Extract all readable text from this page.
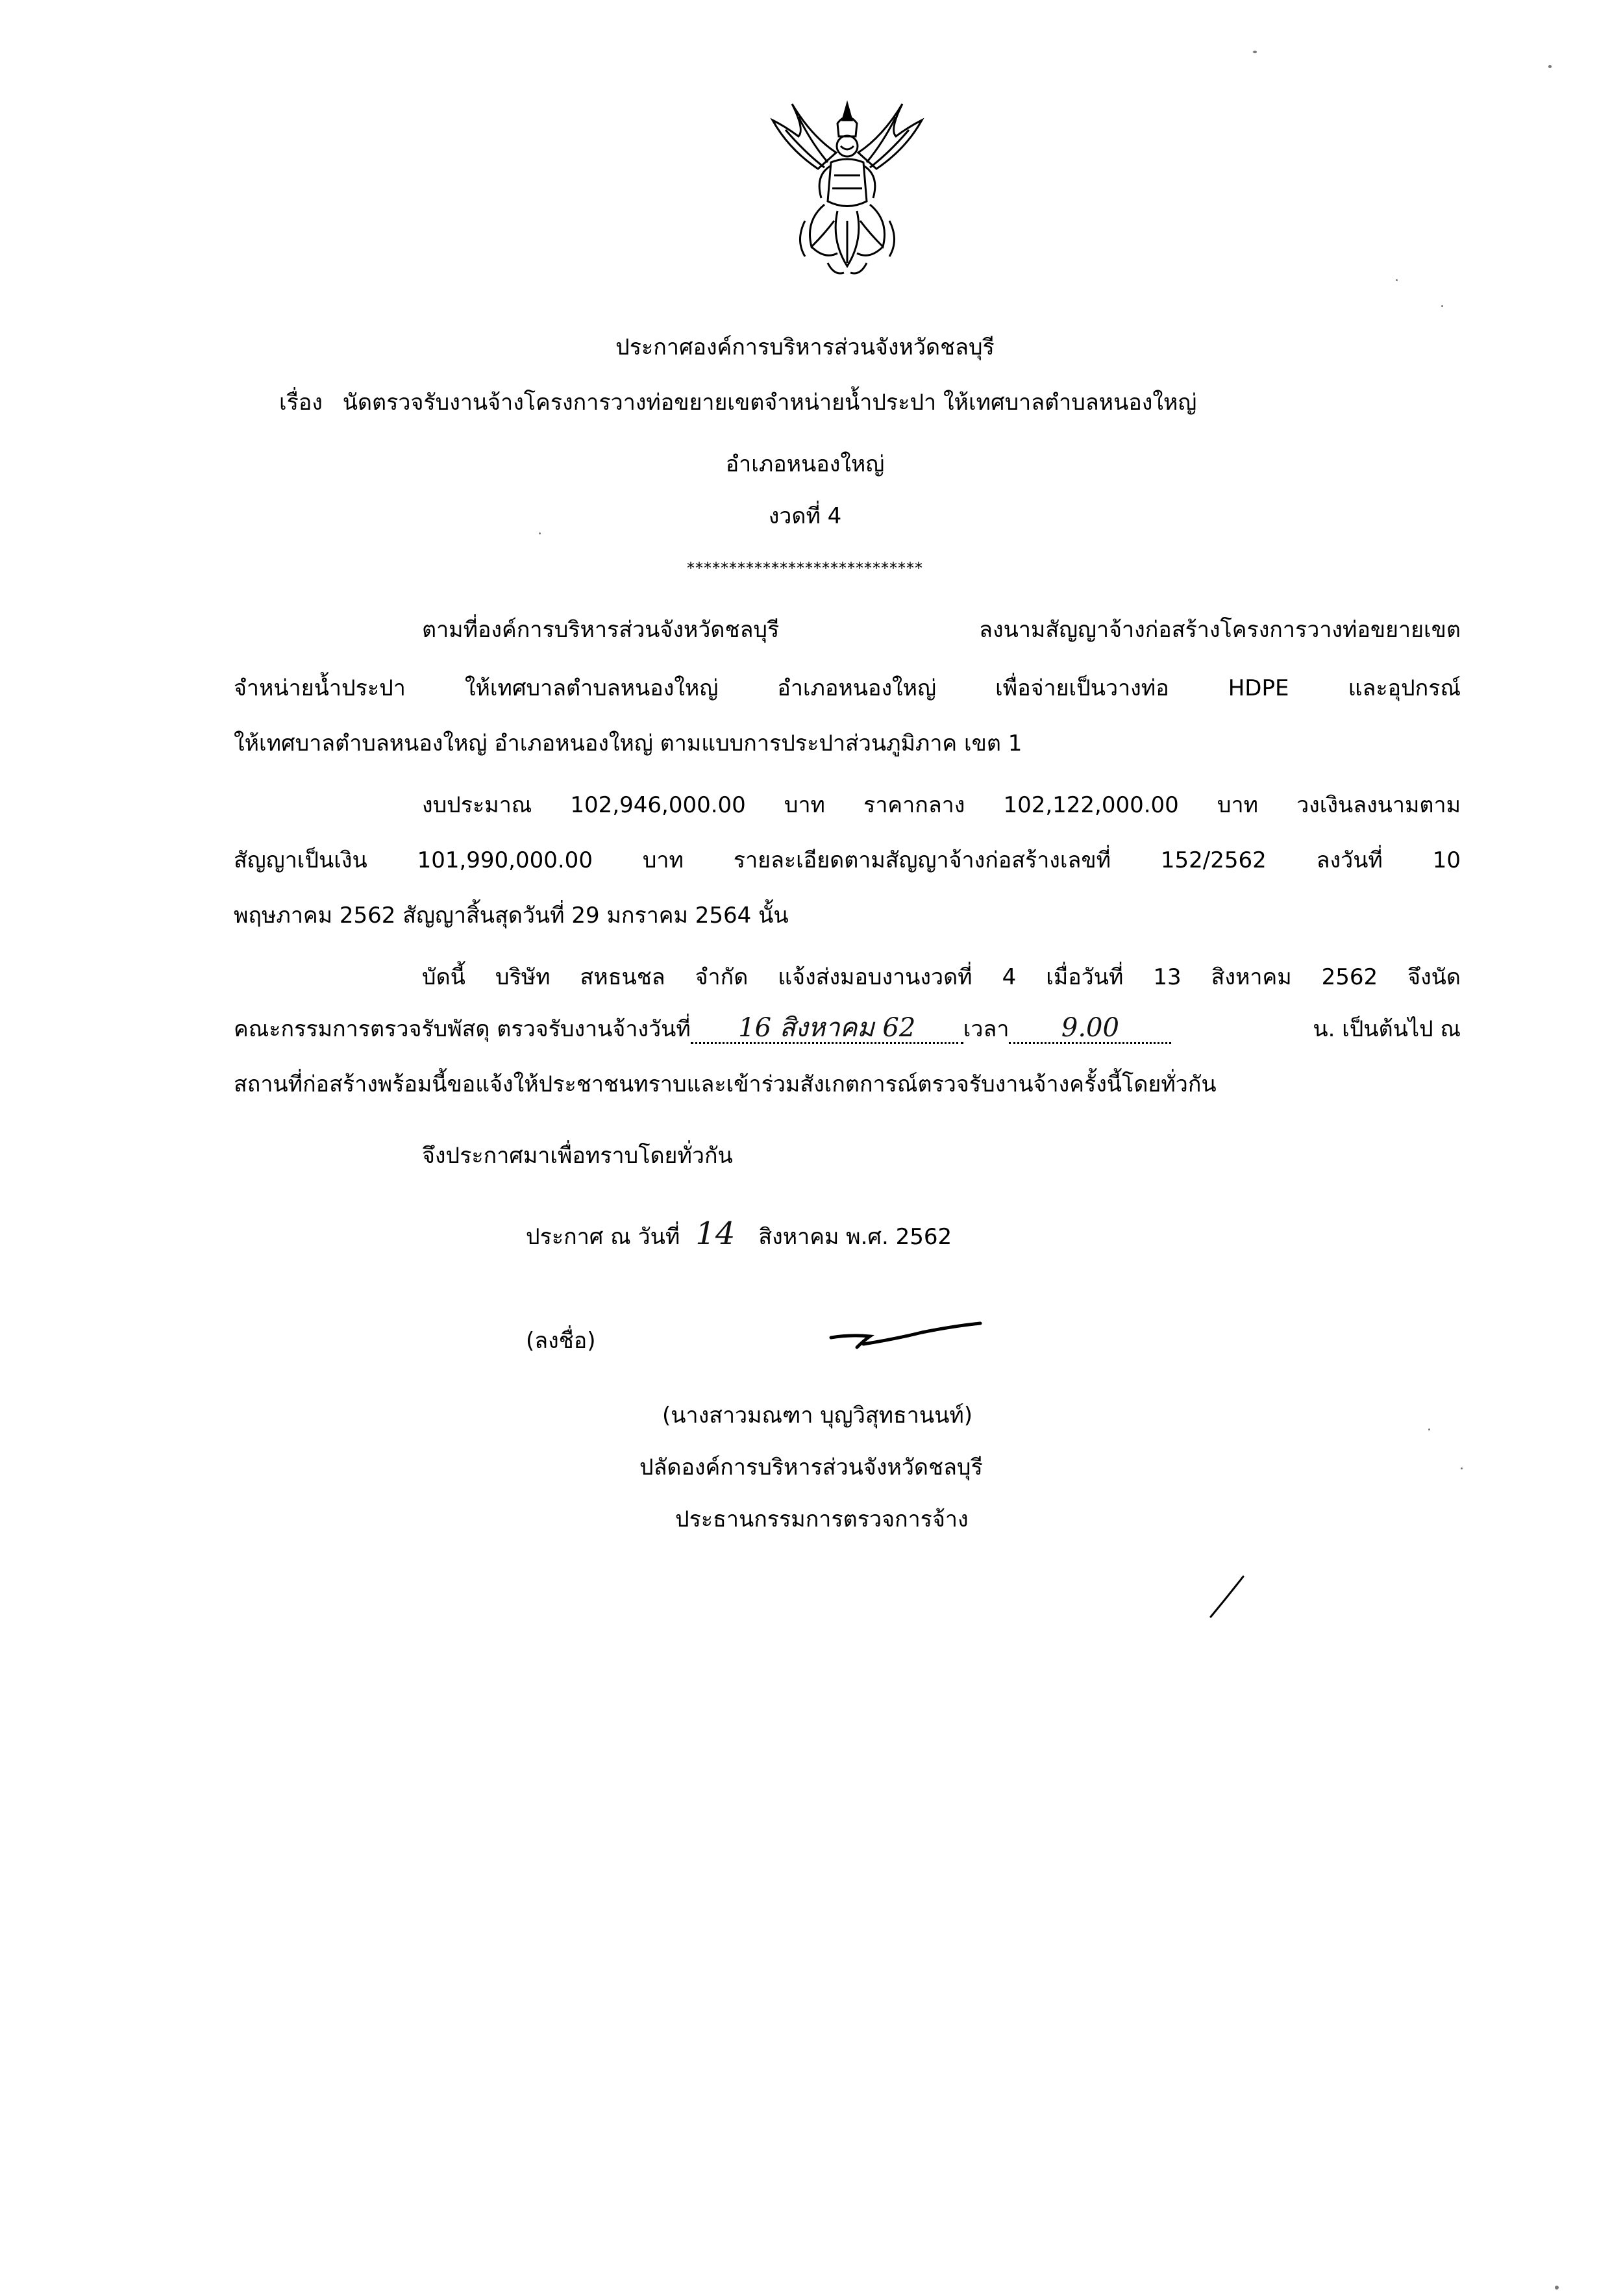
ประกาศองค์การบริหารส่วนจังหวัดชลบุรี
เรื่อง นัดตรวจรับงานจ้างโครงการวางท่อขยายเขตจำหน่ายน้ำประปา ให้เทศบาลตำบลหนองใหญ่
อำเภอหนองใหญ่
งวดที่ 4
****************************
ตามที่องค์การบริหารส่วนจังหวัดชลบุรี ลงนามสัญญาจ้างก่อสร้างโครงการวางท่อขยายเขต
จำหน่ายน้ำประปา ให้เทศบาลตำบลหนองใหญ่ อำเภอหนองใหญ่ เพื่อจ่ายเป็นวางท่อ HDPE และอุปกรณ์
ให้เทศบาลตำบลหนองใหญ่ อำเภอหนองใหญ่ ตามแบบการประปาส่วนภูมิภาค เขต 1
งบประมาณ 102,946,000.00 บาท ราคากลาง 102,122,000.00 บาท วงเงินลงนามตาม
สัญญาเป็นเงิน 101,990,000.00 บาท รายละเอียดตามสัญญาจ้างก่อสร้างเลขที่ 152/2562 ลงวันที่ 10
พฤษภาคม 2562 สัญญาสิ้นสุดวันที่ 29 มกราคม 2564 นั้น
บัดนี้ บริษัท สหธนชล จำกัด แจ้งส่งมอบงานงวดที่ 4 เมื่อวันที่ 13 สิงหาคม 2562 จึงนัด
คณะกรรมการตรวจรับพัสดุ ตรวจรับงานจ้างวันที่	16 สิงหาคม 62	เวลา	9.00	น. เป็นต้นไป ณ
สถานที่ก่อสร้างพร้อมนี้ขอแจ้งให้ประชาชนทราบและเข้าร่วมสังเกตการณ์ตรวจรับงานจ้างครั้งนี้โดยทั่วกัน
จึงประกาศมาเพื่อทราบโดยทั่วกัน
ประกาศ ณ วันที่ 14 สิงหาคม พ.ศ. 2562
(ลงชื่อ)
(นางสาวมณฑา บุญวิสุทธานนท์)
ปลัดองค์การบริหารส่วนจังหวัดชลบุรี
ประธานกรรมการตรวจการจ้าง
